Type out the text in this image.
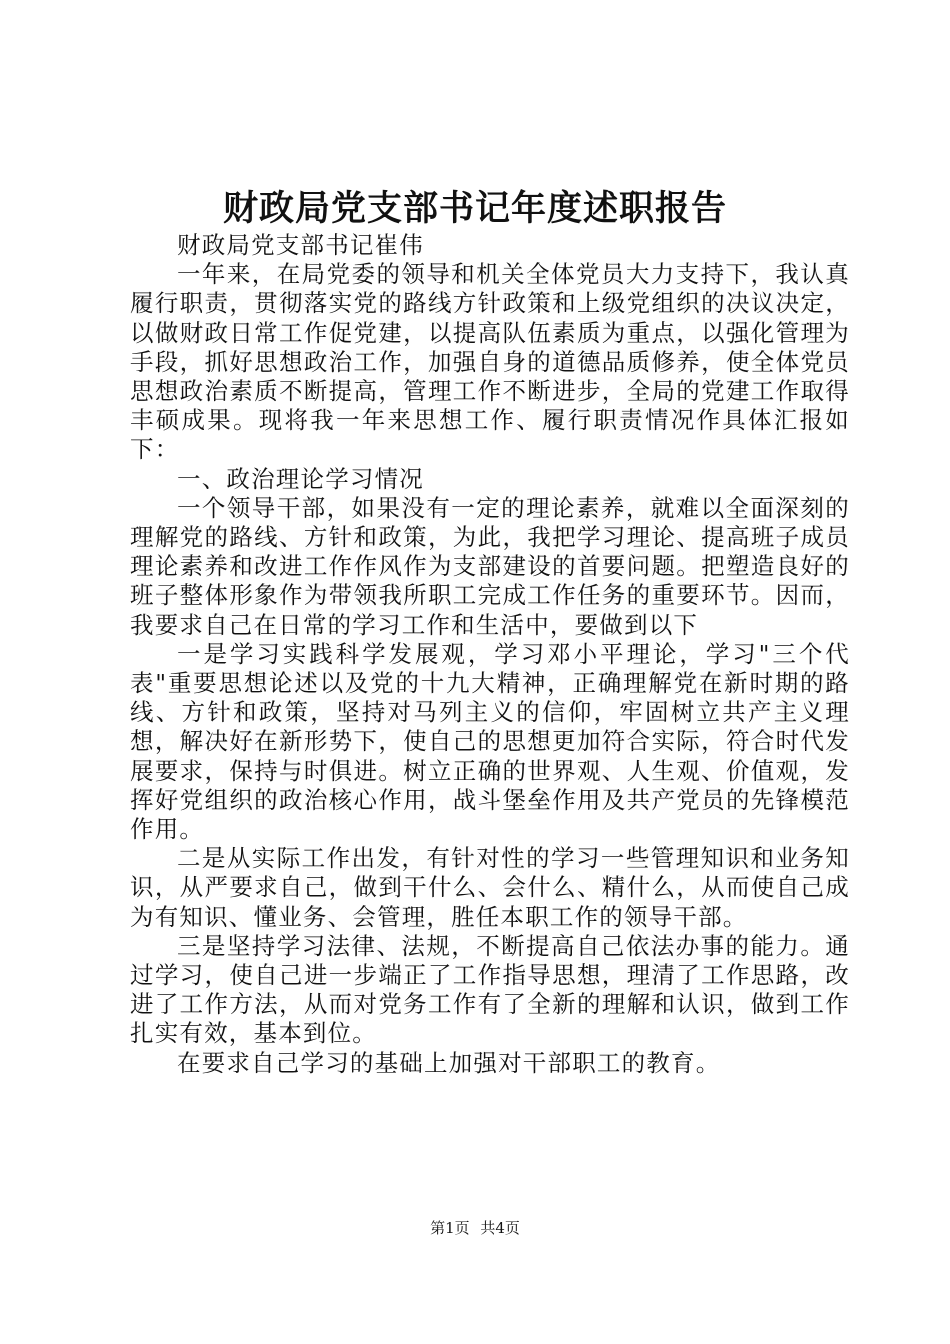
财政局党支部书记年度述职报告

财政局党支部书记崔伟

一年来，在局党委的领导和机关全体党员大力支持下，我认真履行职责，贯彻落实党的路线方针政策和上级党组织的决议决定，以做财政日常工作促党建，以提高队伍素质为重点，以强化管理为手段，抓好思想政治工作，加强自身的道德品质修养，使全体党员思想政治素质不断提高，管理工作不断进步，全局的党建工作取得丰硕成果。现将我一年来思想工作、履行职责情况作具体汇报如下：

一、政治理论学习情况

一个领导干部，如果没有一定的理论素养，就难以全面深刻的理解党的路线、方针和政策，为此，我把学习理论、提高班子成员理论素养和改进工作作风作为支部建设的首要问题。把塑造良好的班子整体形象作为带领我所职工完成工作任务的重要环节。因而，我要求自己在日常的学习工作和生活中，要做到以下

一是学习实践科学发展观，学习邓小平理论，学习"三个代表"重要思想论述以及党的十九大精神，正确理解党在新时期的路线、方针和政策，坚持对马列主义的信仰，牢固树立共产主义理想，解决好在新形势下，使自己的思想更加符合实际，符合时代发展要求，保持与时俱进。树立正确的世界观、人生观、价值观，发挥好党组织的政治核心作用，战斗堡垒作用及共产党员的先锋模范作用。

二是从实际工作出发，有针对性的学习一些管理知识和业务知识，从严要求自己，做到干什么、会什么、精什么，从而使自己成为有知识、懂业务、会管理，胜任本职工作的领导干部。

三是坚持学习法律、法规，不断提高自己依法办事的能力。通过学习，使自己进一步端正了工作指导思想，理清了工作思路，改进了工作方法，从而对党务工作有了全新的理解和认识，做到工作扎实有效，基本到位。

在要求自己学习的基础上加强对干部职工的教育。

第1页 共4页
